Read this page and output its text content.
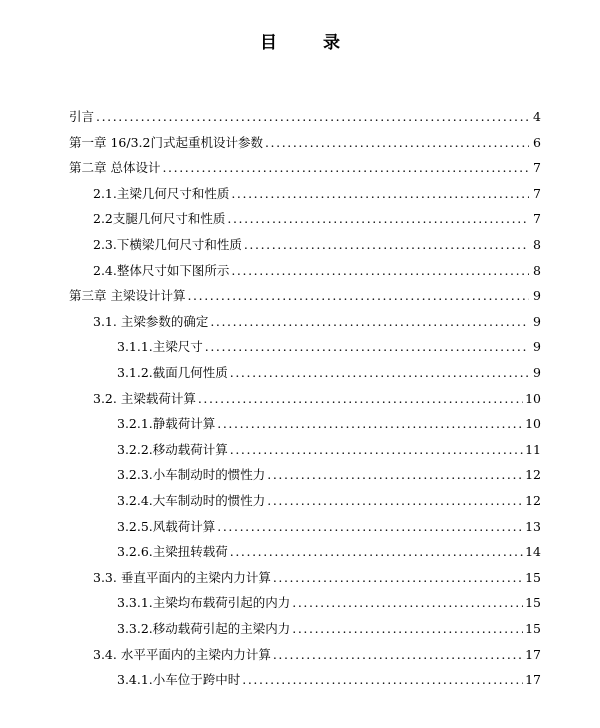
目 录
引言 .....	4
第一章 16/3.2门式起重机设计参数 .....	6
第二章 总体设计 .....	7
2.1.主梁几何尺寸和性质 .....	7
2.2支腿几何尺寸和性质 .....	7
2.3.下横梁几何尺寸和性质 .....	8
2.4.整体尺寸如下图所示 .....	8
第三章 主梁设计计算 .....	9
3.1. 主梁参数的确定 .....	9
3.1.1.主梁尺寸 .....	9
3.1.2.截面几何性质 .....	9
3.2. 主梁载荷计算 .....	10
3.2.1.静载荷计算 .....	10
3.2.2.移动载荷计算 .....	11
3.2.3.小车制动时的惯性力 .....	12
3.2.4.大车制动时的惯性力 .....	12
3.2.5.风载荷计算 .....	13
3.2.6.主梁扭转载荷 .....	14
3.3. 垂直平面内的主梁内力计算 .....	15
3.3.1.主梁均布载荷引起的内力 .....	15
3.3.2.移动载荷引起的主梁内力 .....	15
3.4. 水平平面内的主梁内力计算 .....	17
3.4.1.小车位于跨中时 .....	17
